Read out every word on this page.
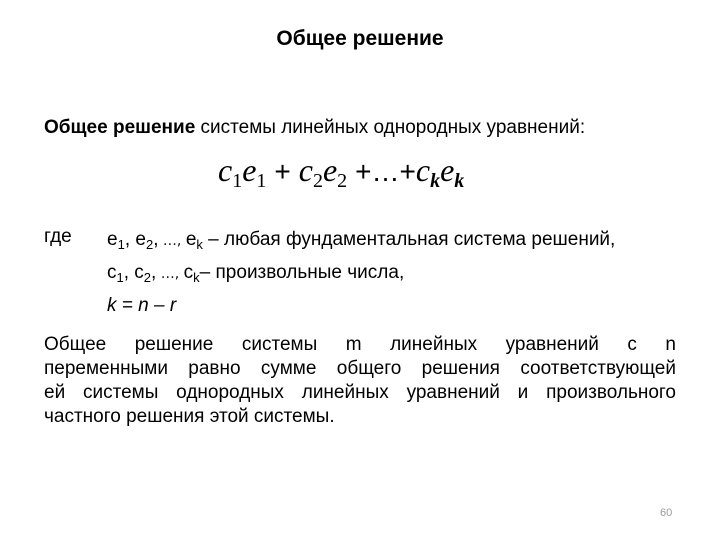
Общее решение
Общее решение системы линейных однородных уравнений:
$c_1e_1 + c_2e_2$ $+\dots+c_ke_k$
где $e_1$, $e_2$, …, $e_k$ – любая фундаментальная система решений,
$c_1$, $c_2$, …, $c_k-$ произвольные числа,
k = n – r
Общее решение системы m линейных уравнений с n
переменными равно сумме общего решения соответствующей
ей системы однородных линейных уравнений и произвольного
частного решения этой системы.
60
